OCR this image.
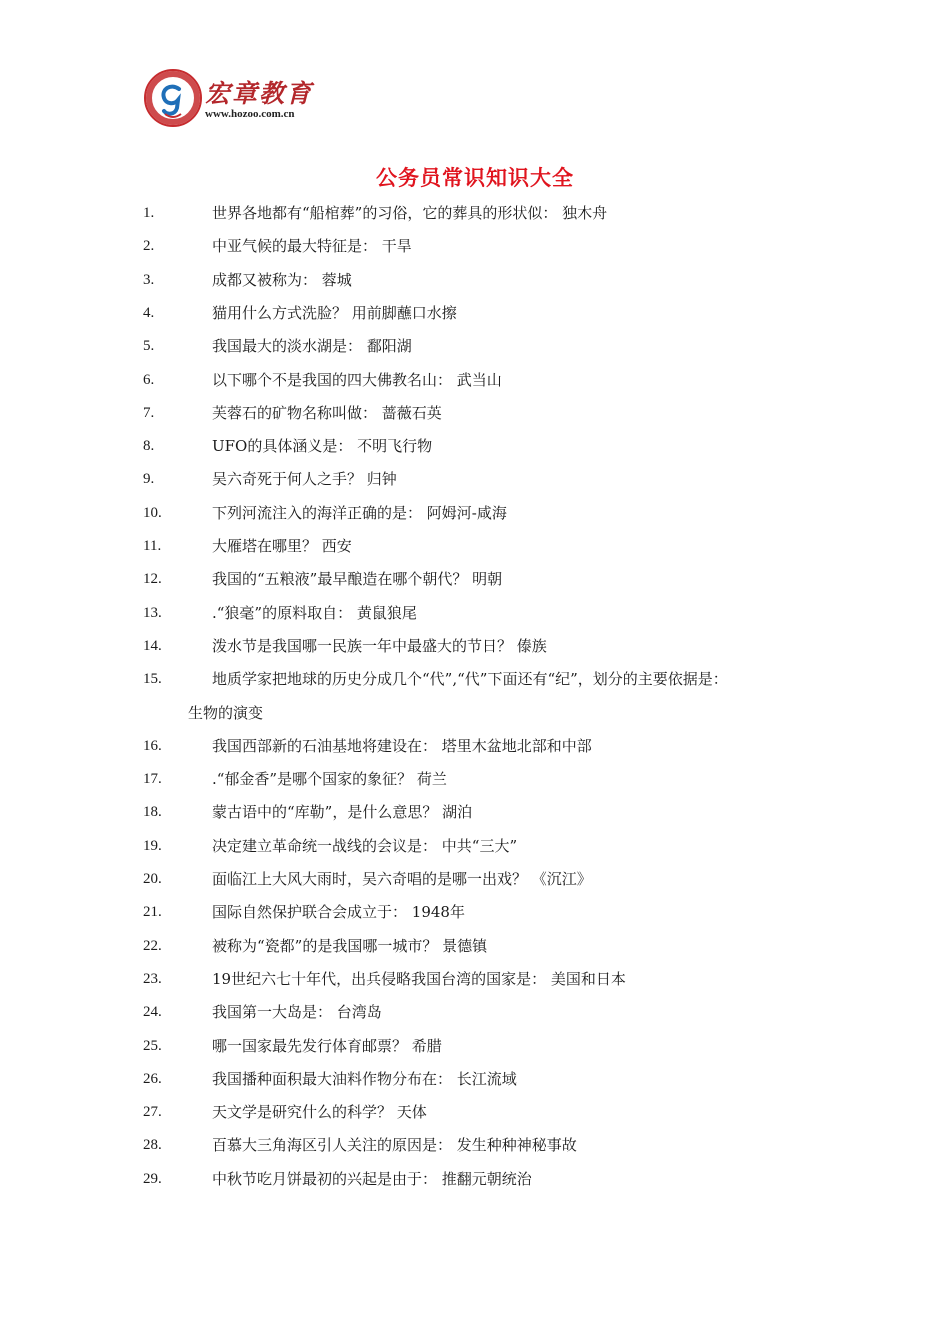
宏章教育
www.hozoo.com.cn
公务员常识知识大全
1.	世界各地都有“船棺葬”的习俗，它的葬具的形状似： 独木舟
2.	中亚气候的最大特征是： 干旱
3.	成都又被称为： 蓉城
4.	猫用什么方式洗脸？ 用前脚蘸口水擦
5.	我国最大的淡水湖是： 鄱阳湖
6.	以下哪个不是我国的四大佛教名山： 武当山
7.	芙蓉石的矿物名称叫做： 蔷薇石英
8.	UFO的具体涵义是： 不明飞行物
9.	吴六奇死于何人之手？ 归钟
10.	下列河流注入的海洋正确的是： 阿姆河-咸海
11.	大雁塔在哪里？ 西安
12.	我国的“五粮液”最早酿造在哪个朝代？ 明朝
13.	.“狼毫”的原料取自： 黄鼠狼尾
14.	泼水节是我国哪一民族一年中最盛大的节日？ 傣族
15.	地质学家把地球的历史分成几个“代”,“代”下面还有“纪”，划分的主要依据是：
生物的演变
16.	我国西部新的石油基地将建设在： 塔里木盆地北部和中部
17.	.“郁金香”是哪个国家的象征？ 荷兰
18.	蒙古语中的“库勒”，是什么意思？ 湖泊
19.	决定建立革命统一战线的会议是： 中共“三大”
20.	面临江上大风大雨时，吴六奇唱的是哪一出戏？ 《沉江》
21.	国际自然保护联合会成立于： 1948年
22.	被称为“瓷都”的是我国哪一城市？ 景德镇
23.	19世纪六七十年代，出兵侵略我国台湾的国家是： 美国和日本
24.	我国第一大岛是： 台湾岛
25.	哪一国家最先发行体育邮票？ 希腊
26.	我国播种面积最大油料作物分布在： 长江流域
27.	天文学是研究什么的科学？ 天体
28.	百慕大三角海区引人关注的原因是： 发生种种神秘事故
29.	中秋节吃月饼最初的兴起是由于： 推翻元朝统治
